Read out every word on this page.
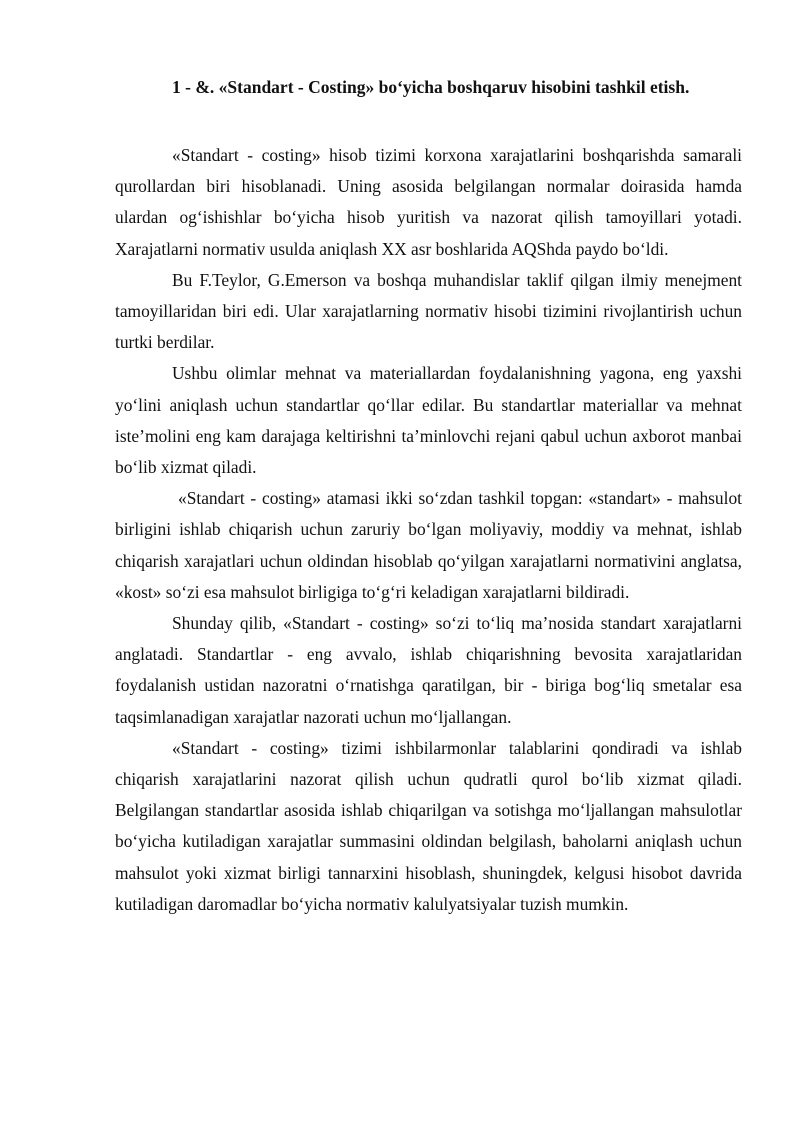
1 - &. «Standart - Costing» bo‘yicha boshqaruv hisobini tashkil etish.

«Standart - costing» hisob tizimi korxona xarajatlarini boshqarishda samarali qurollardan biri hisoblanadi. Uning asosida belgilangan normalar doirasida hamda ulardan og‘ishishlar bo‘yicha hisob yuritish va nazorat qilish tamoyillari yotadi. Xarajatlarni normativ usulda aniqlash XX asr boshlarida AQShda paydo bo‘ldi.

Bu F.Teylor, G.Emerson va boshqa muhandislar taklif qilgan ilmiy menejment tamoyillaridan biri edi. Ular xarajatlarning normativ hisobi tizimini rivojlantirish uchun turtki berdilar.

Ushbu olimlar mehnat va materiallardan foydalanishning yagona, eng yaxshi yo‘lini aniqlash uchun standartlar qo‘llar edilar. Bu standartlar materiallar va mehnat iste’molini eng kam darajaga keltirishni ta’minlovchi rejani qabul uchun axborot manbai bo‘lib xizmat qiladi.

«Standart - costing» atamasi ikki so‘zdan tashkil topgan: «standart» - mahsulot birligini ishlab chiqarish uchun zaruriy bo‘lgan moliyaviy, moddiy va mehnat, ishlab chiqarish xarajatlari uchun oldindan hisoblab qo‘yilgan xarajatlarni normativini anglatsa, «kost» so‘zi esa mahsulot birligiga to‘g‘ri keladigan xarajatlarni bildiradi.

Shunday qilib, «Standart - costing» so‘zi to‘liq ma’nosida standart xarajatlarni anglatadi. Standartlar - eng avvalo, ishlab chiqarishning bevosita xarajatlaridan foydalanish ustidan nazoratni o‘rnatishga qaratilgan, bir - biriga bog‘liq smetalar esa taqsimlanadigan xarajatlar nazorati uchun mo‘ljallangan.

«Standart - costing» tizimi ishbilarmonlar talablarini qondiradi va ishlab chiqarish xarajatlarini nazorat qilish uchun qudratli qurol bo‘lib xizmat qiladi. Belgilangan standartlar asosida ishlab chiqarilgan va sotishga mo‘ljallangan mahsulotlar bo‘yicha kutiladigan xarajatlar summasini oldindan belgilash, baholarni aniqlash uchun mahsulot yoki xizmat birligi tannarxini hisoblash, shuningdek, kelgusi hisobot davrida kutiladigan daromadlar bo‘yicha normativ kalulyatsiyalar tuzish mumkin.
